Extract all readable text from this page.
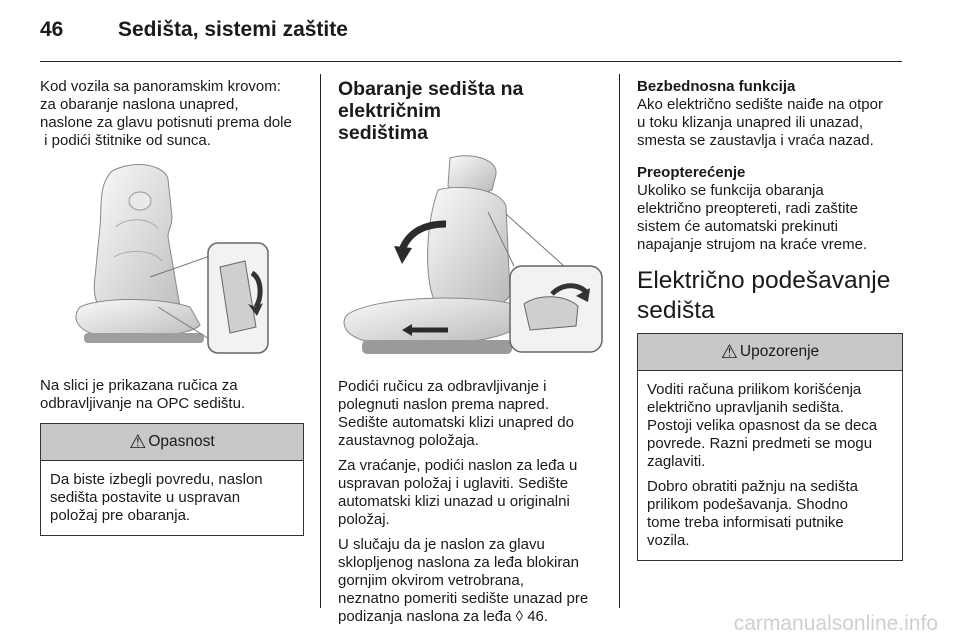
46	Sedišta, sistemi zaštite

Kod vozila sa panoramskim krovom:
za obaranje naslona unapred,
naslone za glavu potisnuti prema dole
i podići štitnike od sunca.

Na slici je prikazana ručica za
odbravljivanje na OPC sedištu.

⚠ Opasnost

Da biste izbegli povredu, naslon
sedišta postavite u uspravan
položaj pre obaranja.

Obaranje sedišta na električnim
sedištima

Podići ručicu za odbravljivanje i
polegnuti naslon prema napred.
Sedište automatski klizi unapred do
zaustavnog položaja.

Za vraćanje, podići naslon za leđa u
uspravan položaj i uglaviti. Sedište
automatski klizi unazad u originalni
položaj.

U slučaju da je naslon za glavu
sklopljenog naslona za leđa blokiran
gornjim okvirom vetrobrana,
neznatno pomeriti sedište unazad pre
podizanja naslona za leđa ◊ 46.

Bezbednosna funkcija

Ako električno sedište naiđe na otpor
u toku klizanja unapred ili unazad,
smesta se zaustavlja i vraća nazad.

Preopterećenje

Ukoliko se funkcija obaranja
električno preoptereti, radi zaštite
sistem će automatski prekinuti
napajanje strujom na kraće vreme.

Električno podešavanje
sedišta
⚠ Upozorenje

Voditi računa prilikom korišćenja
električno upravljanih sedišta.
Postoji velika opasnost da se deca
povrede. Razni predmeti se mogu
zaglaviti.

Dobro obratiti pažnju na sedišta
prilikom podešavanja. Shodno
tome treba informisati putnike
vozila.

carmanualsonline.info
